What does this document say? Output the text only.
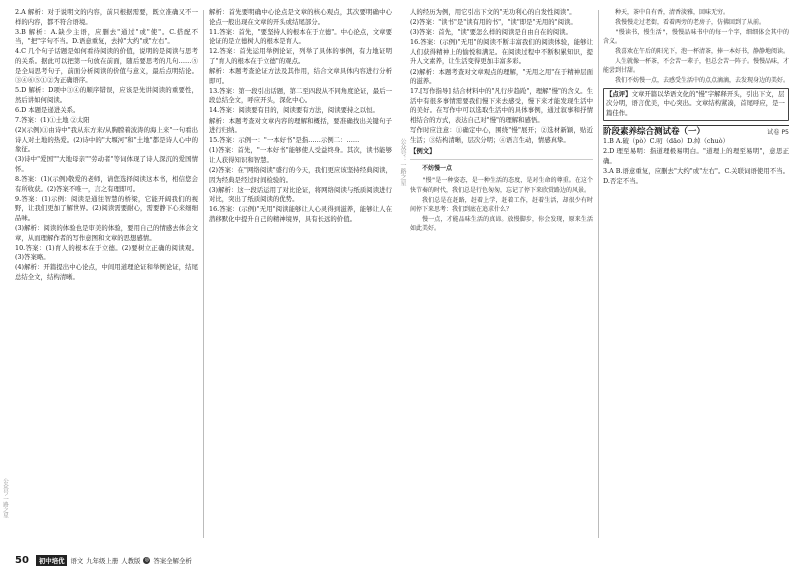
2.A 解析：对于说明文的内容，前只根据需要，既立准确又不一样的内容，都不符合语境。

3.B 解析：A.缺少主语，应删去"通过"或"使"。C.搭配不当，"把"字句不当。D.语意重复，去掉"大约"或"左右"。

4.C 几个句子话题是如何看待阅读的价值，说明的是阅读与思考的关系。据此可以把第一句放在前面，随后要思考的几句……⑤是全局思考句子，前面分析阅读的价值与意义，最后点明结论。③④⑥⑤①②为正确语序。

5.D 解析：D项中③④的顺序错误，应该是先讲阅读的重要性，然后讲如何阅读。

6.D 本题是递进关系。

7.答案：(1)①土地 ②太阳

(2)(示例)①由诗中"我从东方来/从胸膛着波涛的海上来"一句看出诗人对土地的热爱。(2)诗中的"大堰河"和"土地"都是诗人心中的象征。

(3)诗中"爱国""大地母亲""劳动者"等词体现了诗人深沉的爱国情怀。

8.答案：(1)(示例)敬爱的老师，请您选择阅读这本书，相信您会有所收获。(2)答案不唯一，言之有理即可。

9.答案：(1)示例：阅读是通往智慧的桥梁，它能开阔我们的视野，让我们更加了解世界。(2)阅读需要耐心，需要静下心来细细品味。

(3)解析：阅读的体验也是审美的体验，要用自己的情感去体会文章，从而理解作者的写作意图和文章的思想感情。

10.答案：(1)育人的根本在于立德。(2)要树立正确的阅读观。(3)答案略。

(4)解析：开篇提出中心论点，中间用道理论证和举例论证，结尾总结全文，结构清晰。

解析：首先要明确中心论点是文章的核心观点，其次要明确中心论点一般出现在文章的开头或结尾部分。

11.答案：首先，"要坚持人的根本在于立德"。中心论点，文章要论证的是立德树人的根本是育人。

12.答案：首先运用举例论证，列举了具体的事例，有力地证明了"育人的根本在于立德"的观点。

解析：本题考查论证方法及其作用，结合文章具体内容进行分析即可。

13.答案：第一段引出话题，第二至四段从不同角度论证，最后一段总结全文，呼应开头，深化中心。

14.答案：阅读要有目的，阅读要有方法，阅读要持之以恒。

解析：本题考查对文章内容的理解和概括，要准确找出关键句子进行归纳。

15.答案：示例一："一本好书"是指……示例二：……

(1)答案：首先，"一本好书"能够使人受益终身。其次，读书能够让人获得知识和智慧。

(2)答案：在"网络阅读"盛行的今天，我们更应该坚持经典阅读，因为经典是经过时间检验的。

(3)解析：这一段话运用了对比论证，将网络阅读与纸质阅读进行对比，突出了纸质阅读的优势。

16.答案：(示例)"无用"阅读能够让人心灵得到滋养，能够让人在潜移默化中提升自己的精神境界，具有长远的价值。

公众号：一路之星

人的经历为例，用它引出下文的"无功利心的自发性阅读"。

(2)答案："读书"是"读有用的书"，"读"即是"无用的"阅读。

(3)答案：首先，"读"要怎么样的阅读是自由自在的阅读。

16.答案：(示例)"无用"的阅读不断丰富我们的阅读体验，能够让人们获得精神上的愉悦和满足。在阅读过程中不断积累知识，提升人文素养，让生活变得更加丰富多彩。

(2)解析：本题考查对文章观点的理解，"无用之用"在于精神层面的滋养。

17.[写作指导] 结合材料中的"凡行步趋跄"，理解"慢"的含义。生活中有很多事情需要我们慢下来去感受，慢下来才能发现生活中的美好。在写作中可以选取生活中的具体事例，通过叙事和抒情相结合的方式，表达自己对"慢"的理解和感悟。

写作时应注意：①确定中心，围绕"慢"展开；②选材新颖，贴近生活；③结构清晰，层次分明；④语言生动，情感真挚。

【例文】

不妨慢一点

"慢"是一种姿态，是一种生活的态度，是对生命的尊重。在这个快节奏的时代，我们总是行色匆匆，忘记了停下来欣赏路边的风景。

我们总是在赶路，赶着上学，赶着工作，赶着生活，却很少有时间停下来思考：我们到底在追求什么？

慢一点，才能品味生活的真谛。放慢脚步，你会发现，原来生活如此美好。

种天，茶中自有香，清香淡雅，回味无穷。

我慢慢走过老街，看着两旁的老房子，仿佛回到了从前。

"慢读书，慢生活"，慢慢品味书中的每一个字，细细体会其中的含义。

我喜欢在午后的阳光下，泡一杯清茶，捧一本好书，静静地阅读。

人生就像一杯茶，不会苦一辈子，但总会苦一阵子。慢慢品味，才能尝到甘甜。

我们不妨慢一点，去感受生活中的点点滴滴，去发现身边的美好。

【点评】文章开篇以华语文化的"慢"字解释开头，引出下文，层次分明，语言优美，中心突出。文章结构紧凑，首尾呼应，是一篇佳作。
阶段素养综合测试卷（一）	试卷 P5

1.B A.破（pò）C.叨（dāo）D.绰（chuò）

2.D 理至易明：指道理极易明白。"道理上的理至易明"，意思正确。

3.A B.语意重复，应删去"大约"或"左右"。C.关联词语使用不当。D.否定不当。

50	初中培优 语文 九年级上册 人教版 ◎ 答案全解全析
公众号·一路之星
